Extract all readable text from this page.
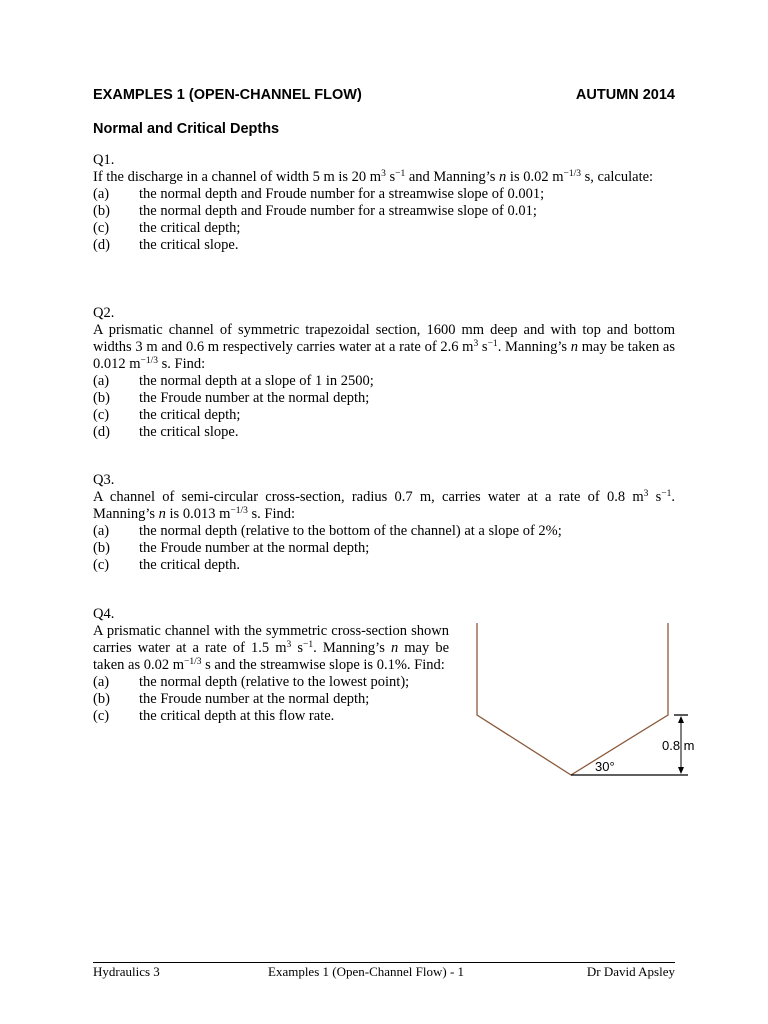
EXAMPLES 1 (OPEN-CHANNEL FLOW)	AUTUMN 2014
Normal and Critical Depths
Q1.
If the discharge in a channel of width 5 m is 20 $m^3$ $s^{-1}$ and Manning’s n is 0.02 $m^{-1/3}$ s, calculate:
(a)	the normal depth and Froude number for a streamwise slope of 0.001;
(b)	the normal depth and Froude number for a streamwise slope of 0.01;
(c)	the critical depth;
(d)	the critical slope.
Q2.
A prismatic channel of symmetric trapezoidal section, 1600 mm deep and with top and bottom widths 3 m and 0.6 m respectively carries water at a rate of 2.6 $m^3$ $s^{-1}$. Manning’s n may be taken as 0.012 $m^{-1/3}$ s. Find:
(a)	the normal depth at a slope of 1 in 2500;
(b)	the Froude number at the normal depth;
(c)	the critical depth;
(d)	the critical slope.
Q3.
A channel of semi-circular cross-section, radius 0.7 m, carries water at a rate of 0.8 $m^3$ $s^{-1}$. Manning’s n is 0.013 $m^{-1/3}$ s. Find:
(a)	the normal depth (relative to the bottom of the channel) at a slope of 2%;
(b)	the Froude number at the normal depth;
(c)	the critical depth.
Q4.
A prismatic channel with the symmetric cross-section shown carries water at a rate of 1.5 $m^3$ $s^{-1}$. Manning’s n may be taken as 0.02 $m^{-1/3}$ s and the streamwise slope is 0.1%. Find:
(a)	the normal depth (relative to the lowest point);
(b)	the Froude number at the normal depth;
(c)	the critical depth at this flow rate.
0.8 m
30°
Hydraulics 3	Examples 1 (Open-Channel Flow) - 1	Dr David Apsley
